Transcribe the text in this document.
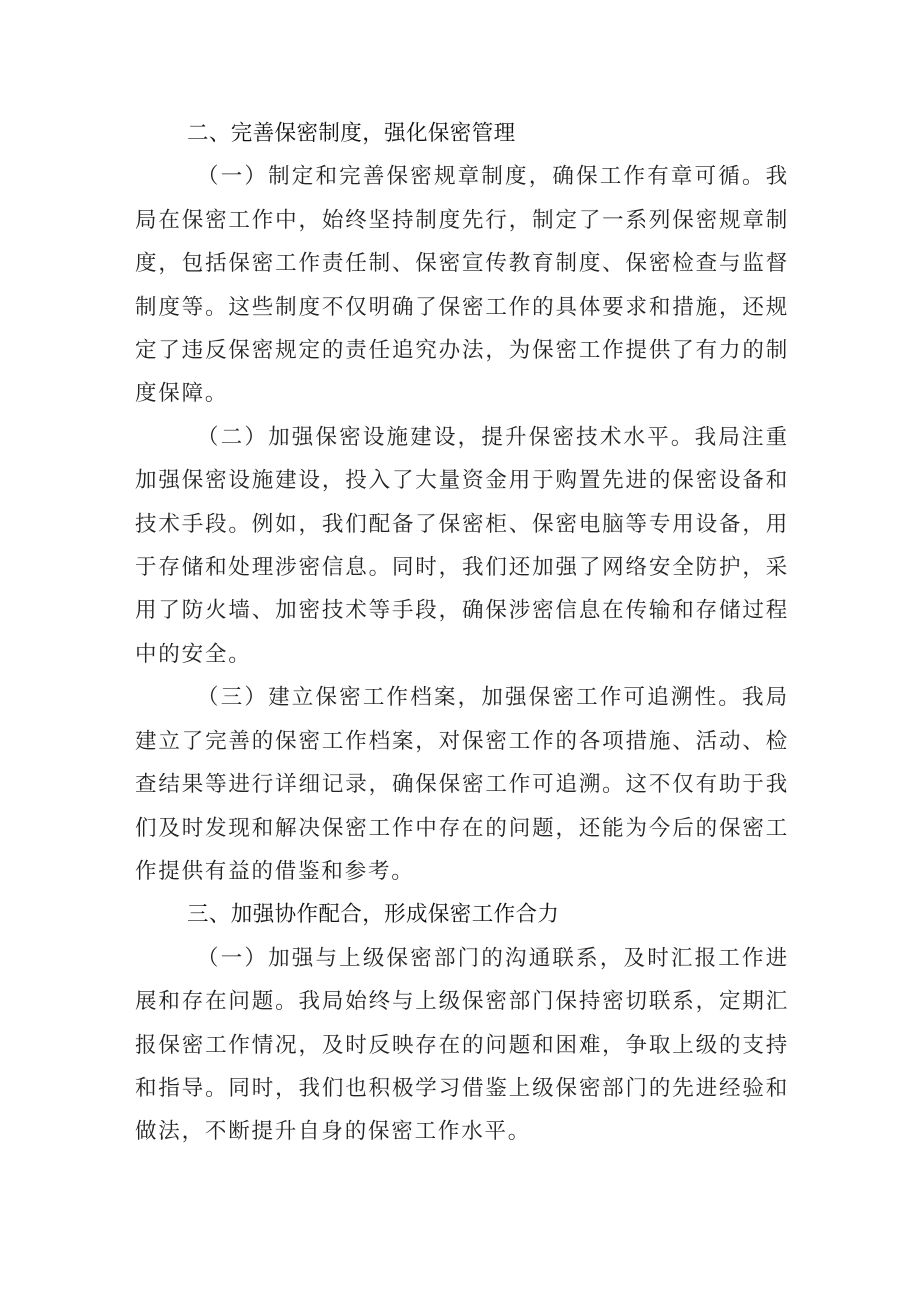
二、完善保密制度，强化保密管理

（一）制定和完善保密规章制度，确保工作有章可循。我局在保密工作中，始终坚持制度先行，制定了一系列保密规章制度，包括保密工作责任制、保密宣传教育制度、保密检查与监督制度等。这些制度不仅明确了保密工作的具体要求和措施，还规定了违反保密规定的责任追究办法，为保密工作提供了有力的制度保障。

（二）加强保密设施建设，提升保密技术水平。我局注重加强保密设施建设，投入了大量资金用于购置先进的保密设备和技术手段。例如，我们配备了保密柜、保密电脑等专用设备，用于存储和处理涉密信息。同时，我们还加强了网络安全防护，采用了防火墙、加密技术等手段，确保涉密信息在传输和存储过程中的安全。

（三）建立保密工作档案，加强保密工作可追溯性。我局建立了完善的保密工作档案，对保密工作的各项措施、活动、检查结果等进行详细记录，确保保密工作可追溯。这不仅有助于我们及时发现和解决保密工作中存在的问题，还能为今后的保密工作提供有益的借鉴和参考。

三、加强协作配合，形成保密工作合力

（一）加强与上级保密部门的沟通联系，及时汇报工作进展和存在问题。我局始终与上级保密部门保持密切联系，定期汇报保密工作情况，及时反映存在的问题和困难，争取上级的支持和指导。同时，我们也积极学习借鉴上级保密部门的先进经验和做法，不断提升自身的保密工作水平。
